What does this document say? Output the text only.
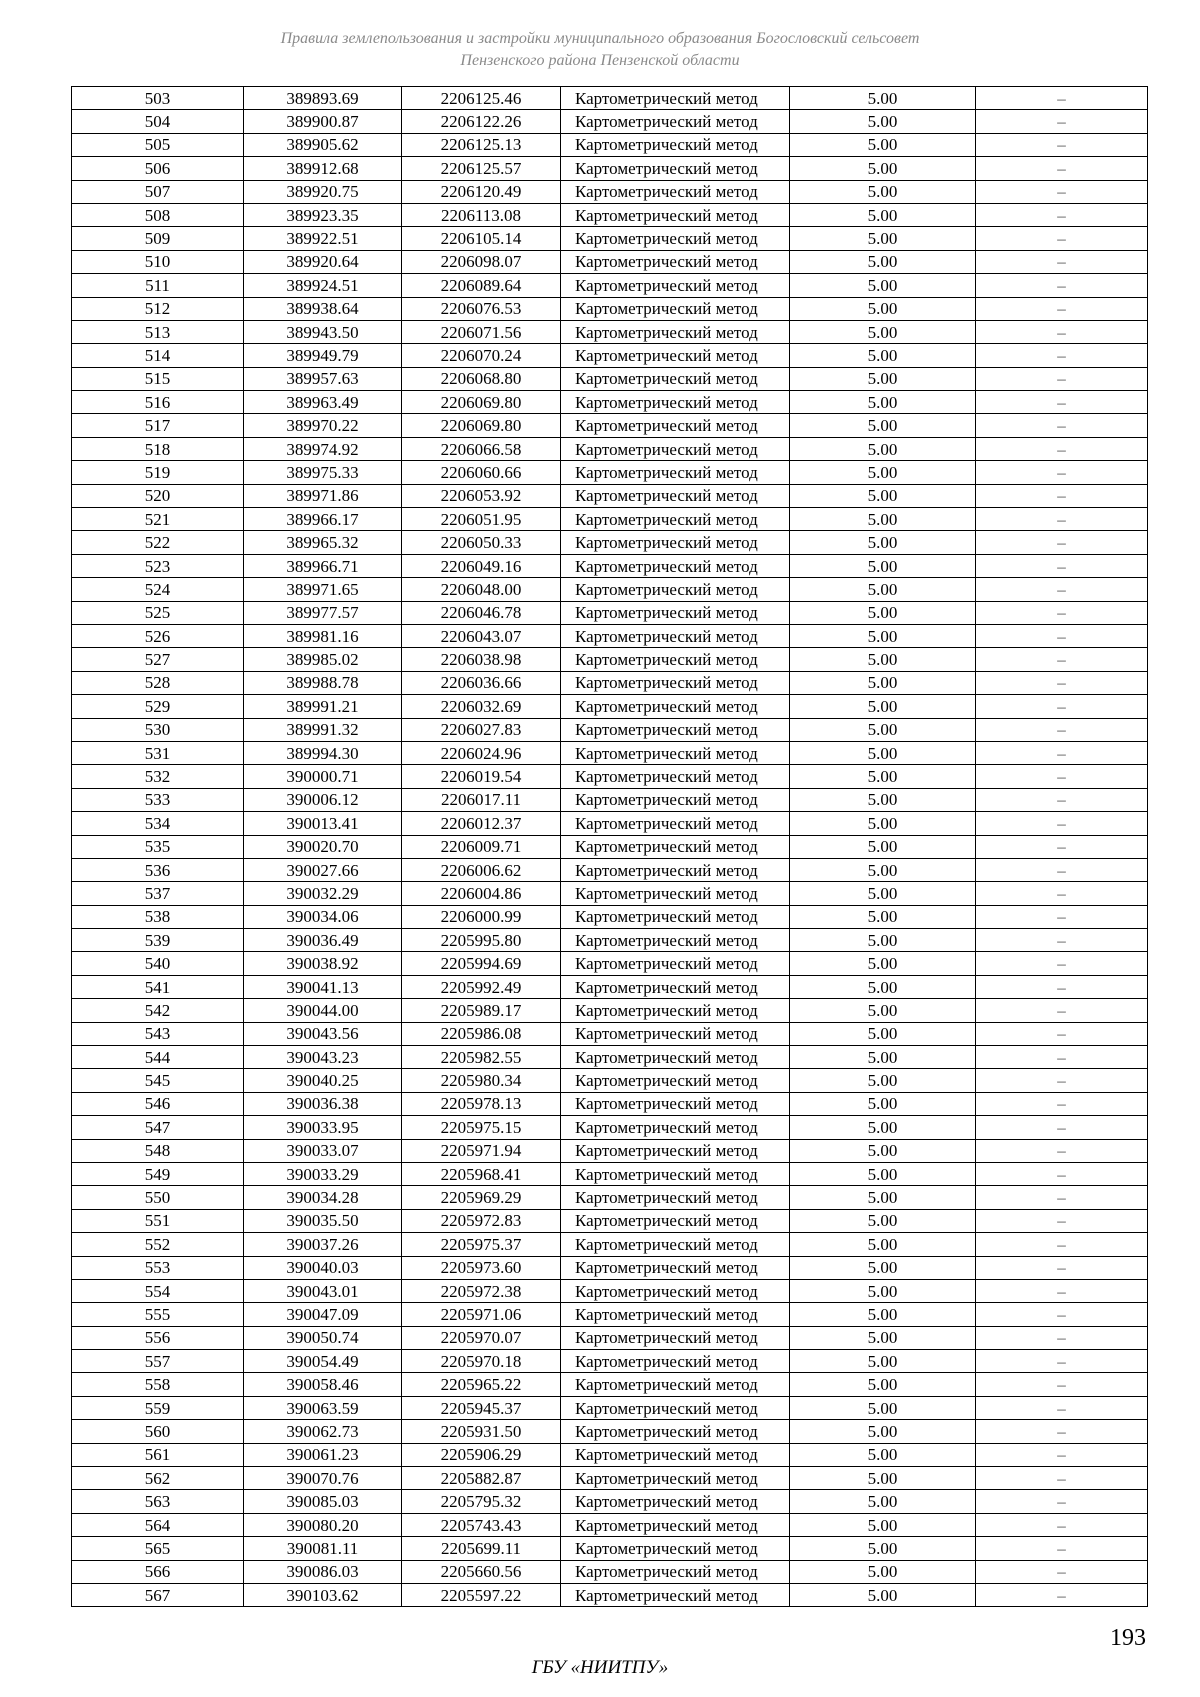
Правила землепользования и застройки муниципального образования Богословский сельсовет
Пензенского района Пензенской области
503	389893.69	2206125.46	Картометрический метод	5.00	–
504	389900.87	2206122.26	Картометрический метод	5.00	–
505	389905.62	2206125.13	Картометрический метод	5.00	–
506	389912.68	2206125.57	Картометрический метод	5.00	–
507	389920.75	2206120.49	Картометрический метод	5.00	–
508	389923.35	2206113.08	Картометрический метод	5.00	–
509	389922.51	2206105.14	Картометрический метод	5.00	–
510	389920.64	2206098.07	Картометрический метод	5.00	–
511	389924.51	2206089.64	Картометрический метод	5.00	–
512	389938.64	2206076.53	Картометрический метод	5.00	–
513	389943.50	2206071.56	Картометрический метод	5.00	–
514	389949.79	2206070.24	Картометрический метод	5.00	–
515	389957.63	2206068.80	Картометрический метод	5.00	–
516	389963.49	2206069.80	Картометрический метод	5.00	–
517	389970.22	2206069.80	Картометрический метод	5.00	–
518	389974.92	2206066.58	Картометрический метод	5.00	–
519	389975.33	2206060.66	Картометрический метод	5.00	–
520	389971.86	2206053.92	Картометрический метод	5.00	–
521	389966.17	2206051.95	Картометрический метод	5.00	–
522	389965.32	2206050.33	Картометрический метод	5.00	–
523	389966.71	2206049.16	Картометрический метод	5.00	–
524	389971.65	2206048.00	Картометрический метод	5.00	–
525	389977.57	2206046.78	Картометрический метод	5.00	–
526	389981.16	2206043.07	Картометрический метод	5.00	–
527	389985.02	2206038.98	Картометрический метод	5.00	–
528	389988.78	2206036.66	Картометрический метод	5.00	–
529	389991.21	2206032.69	Картометрический метод	5.00	–
530	389991.32	2206027.83	Картометрический метод	5.00	–
531	389994.30	2206024.96	Картометрический метод	5.00	–
532	390000.71	2206019.54	Картометрический метод	5.00	–
533	390006.12	2206017.11	Картометрический метод	5.00	–
534	390013.41	2206012.37	Картометрический метод	5.00	–
535	390020.70	2206009.71	Картометрический метод	5.00	–
536	390027.66	2206006.62	Картометрический метод	5.00	–
537	390032.29	2206004.86	Картометрический метод	5.00	–
538	390034.06	2206000.99	Картометрический метод	5.00	–
539	390036.49	2205995.80	Картометрический метод	5.00	–
540	390038.92	2205994.69	Картометрический метод	5.00	–
541	390041.13	2205992.49	Картометрический метод	5.00	–
542	390044.00	2205989.17	Картометрический метод	5.00	–
543	390043.56	2205986.08	Картометрический метод	5.00	–
544	390043.23	2205982.55	Картометрический метод	5.00	–
545	390040.25	2205980.34	Картометрический метод	5.00	–
546	390036.38	2205978.13	Картометрический метод	5.00	–
547	390033.95	2205975.15	Картометрический метод	5.00	–
548	390033.07	2205971.94	Картометрический метод	5.00	–
549	390033.29	2205968.41	Картометрический метод	5.00	–
550	390034.28	2205969.29	Картометрический метод	5.00	–
551	390035.50	2205972.83	Картометрический метод	5.00	–
552	390037.26	2205975.37	Картометрический метод	5.00	–
553	390040.03	2205973.60	Картометрический метод	5.00	–
554	390043.01	2205972.38	Картометрический метод	5.00	–
555	390047.09	2205971.06	Картометрический метод	5.00	–
556	390050.74	2205970.07	Картометрический метод	5.00	–
557	390054.49	2205970.18	Картометрический метод	5.00	–
558	390058.46	2205965.22	Картометрический метод	5.00	–
559	390063.59	2205945.37	Картометрический метод	5.00	–
560	390062.73	2205931.50	Картометрический метод	5.00	–
561	390061.23	2205906.29	Картометрический метод	5.00	–
562	390070.76	2205882.87	Картометрический метод	5.00	–
563	390085.03	2205795.32	Картометрический метод	5.00	–
564	390080.20	2205743.43	Картометрический метод	5.00	–
565	390081.11	2205699.11	Картометрический метод	5.00	–
566	390086.03	2205660.56	Картометрический метод	5.00	–
567	390103.62	2205597.22	Картометрический метод	5.00	–
193
ГБУ «НИИТПУ»
